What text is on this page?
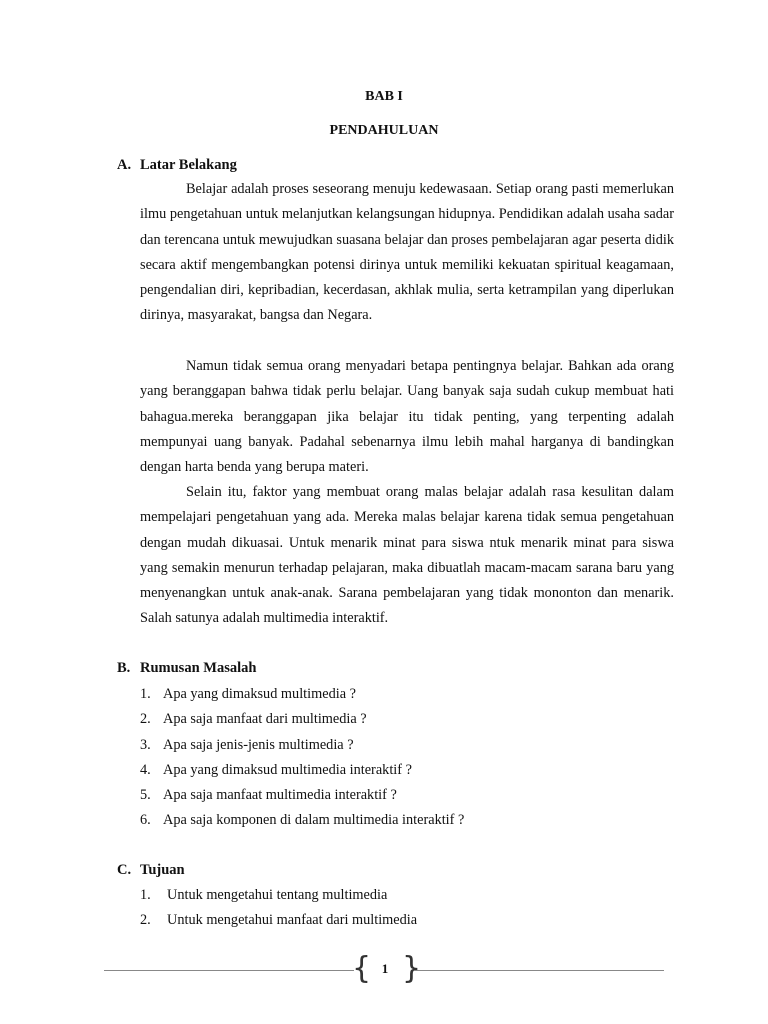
BAB I
PENDAHULUAN
A. Latar Belakang

Belajar adalah proses seseorang menuju kedewasaan. Setiap orang pasti memerlukan ilmu pengetahuan untuk melanjutkan kelangsungan hidupnya. Pendidikan adalah usaha sadar dan terencana untuk mewujudkan suasana belajar dan proses pembelajaran agar peserta didik secara aktif mengembangkan potensi dirinya untuk memiliki kekuatan spiritual keagamaan, pengendalian diri, kepribadian, kecerdasan, akhlak mulia, serta ketrampilan yang diperlukan dirinya, masyarakat, bangsa dan Negara.

Namun tidak semua orang menyadari betapa pentingnya belajar. Bahkan ada orang yang beranggapan bahwa tidak perlu belajar. Uang banyak saja sudah cukup membuat hati bahagua.mereka beranggapan jika belajar itu tidak penting, yang terpenting adalah mempunyai uang banyak. Padahal sebenarnya ilmu lebih mahal harganya di bandingkan dengan harta benda yang berupa materi.

Selain itu, faktor yang membuat orang malas belajar adalah rasa kesulitan dalam mempelajari pengetahuan yang ada. Mereka malas belajar karena tidak semua pengetahuan dengan mudah dikuasai. Untuk menarik minat para siswa ntuk menarik minat para siswa yang semakin menurun terhadap pelajaran, maka dibuatlah macam-macam sarana baru yang menyenangkan untuk anak-anak. Sarana pembelajaran yang tidak mononton dan menarik. Salah satunya adalah multimedia interaktif.

B. Rumusan Masalah
1. Apa yang dimaksud multimedia ?
2. Apa saja manfaat dari multimedia ?
3. Apa saja jenis-jenis multimedia ?
4. Apa yang dimaksud multimedia interaktif ?
5. Apa saja manfaat multimedia interaktif ?
6. Apa saja komponen di dalam multimedia interaktif ?
C. Tujuan
1. Untuk mengetahui tentang multimedia
2. Untuk mengetahui manfaat dari multimedia
{ 1 }
